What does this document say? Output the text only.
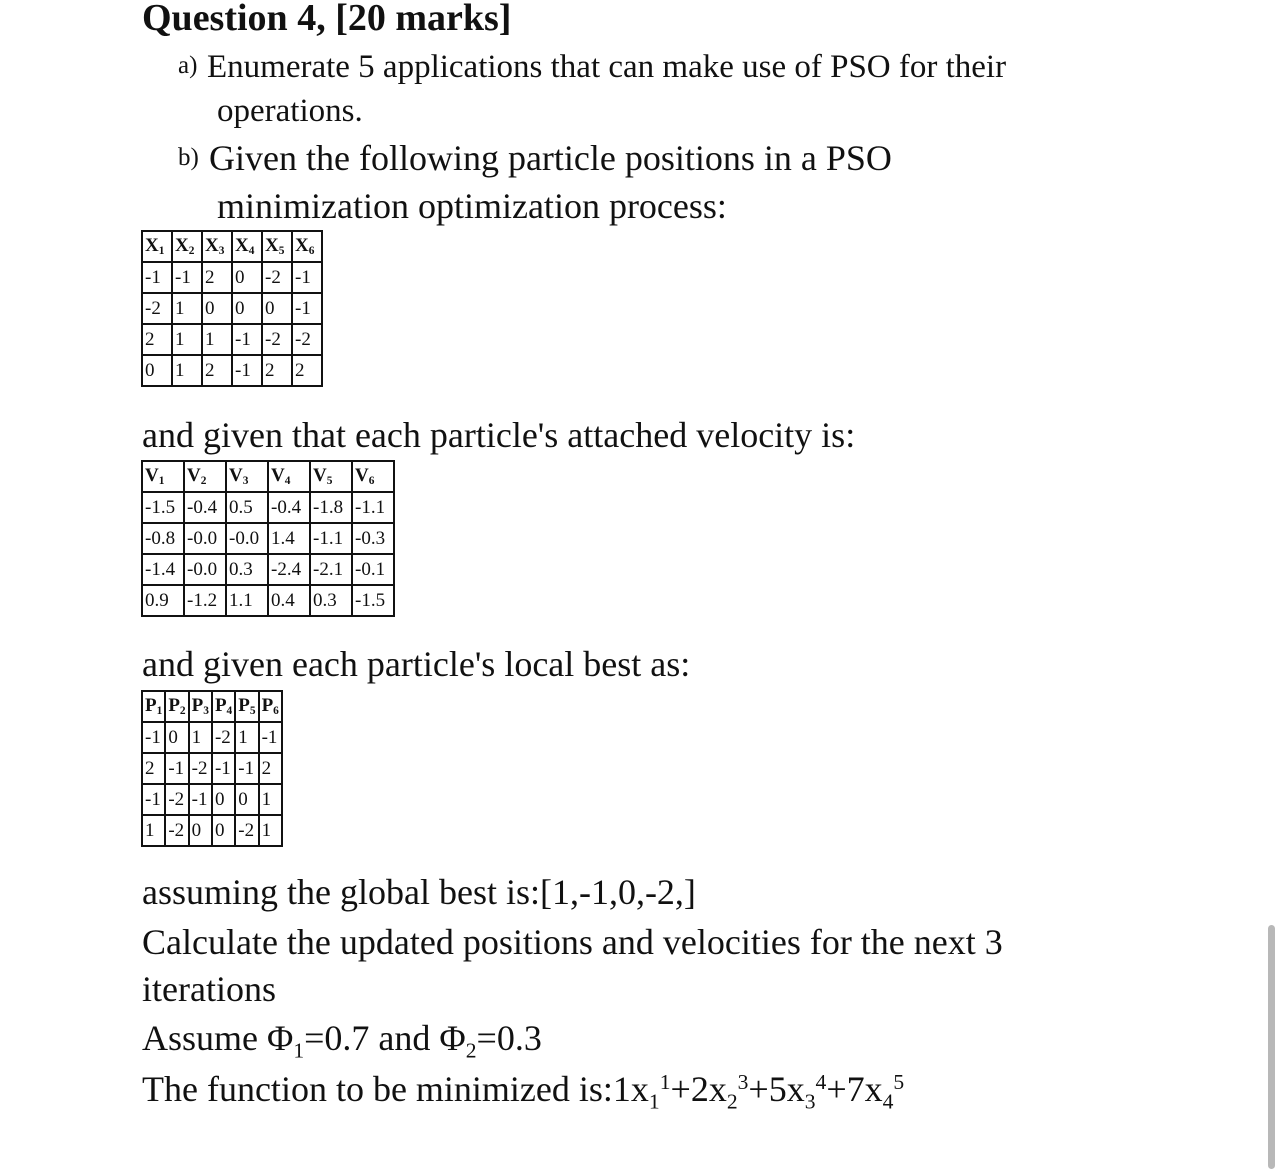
Question 4, [20 marks]
a) Enumerate 5 applications that can make use of PSO for their
operations.
b) Given the following particle positions in a PSO
minimization optimization process:
$X_1$	$X_2$	$X_3$	$X_4$	$X_5$	$X_6$
-1	-1	2	0	-2	-1
-2	1	0	0	0	-1
2	1	1	-1	-2	-2
0	1	2	-1	2	2
and given that each particle's attached velocity is:
$V_1$	$V_2$	$V_3$	$V_4$	$V_5$	$V_6$
-1.5	-0.4	0.5	-0.4	-1.8	-1.1
-0.8	-0.0	-0.0	1.4	-1.1	-0.3
-1.4	-0.0	0.3	-2.4	-2.1	-0.1
0.9	-1.2	1.1	0.4	0.3	-1.5
and given each particle's local best as:
$P_1$	$P_2$	$P_3$	$P_4$	$P_5$	$P_6$
-1	0	1	-2	1	-1
2	-1	-2	-1	-1	2
-1	-2	-1	0	0	1
1	-2	0	0	-2	1
assuming the global best is:[1,-1,0,-2,]
Calculate the updated positions and velocities for the next 3
iterations
Assume $\Phi_1=0.7$ and $\Phi_2=0.3$
The function to be minimized $is:1x_1^1+2x_2^3+5x_3^4+7x_4^5$
